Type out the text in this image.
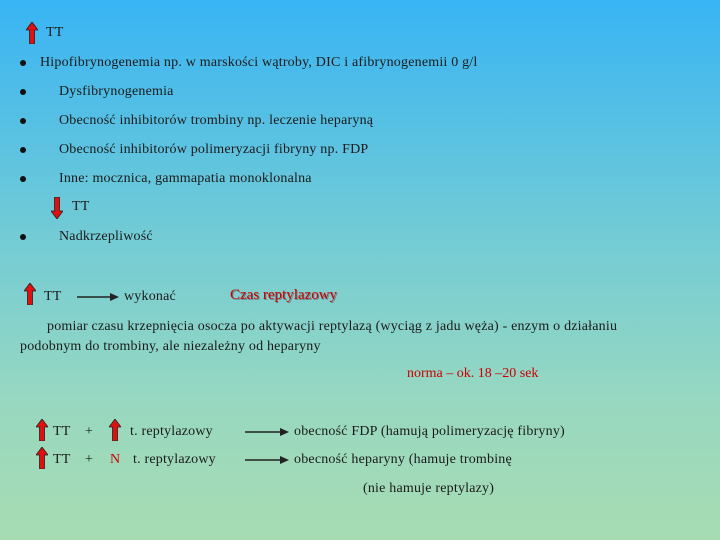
TT
Hipofibrynogenemia np. w marskości wątroby, DIC i afibrynogenemii 0 g/l
Dysfibrynogenemia
Obecność inhibitorów trombiny np. leczenie heparyną
Obecność inhibitorów polimeryzacji fibryny np. FDP
Inne: mocznica, gammapatia monoklonalna
TT
Nadkrzepliwość
TT	wykonać	Czas reptylazowy
pomiar czasu krzepnięcia osocza po aktywacji reptylazą (wyciąg z jadu węża) - enzym o działaniu podobnym do trombiny, ale niezależny od heparyny
norma – ok. 18 –20 sek
TT +	t. reptylazowy	obecność FDP (hamują polimeryzację fibryny)
TT + N t. reptylazowy	obecność heparyny (hamuje trombinę
(nie hamuje reptylazy)
